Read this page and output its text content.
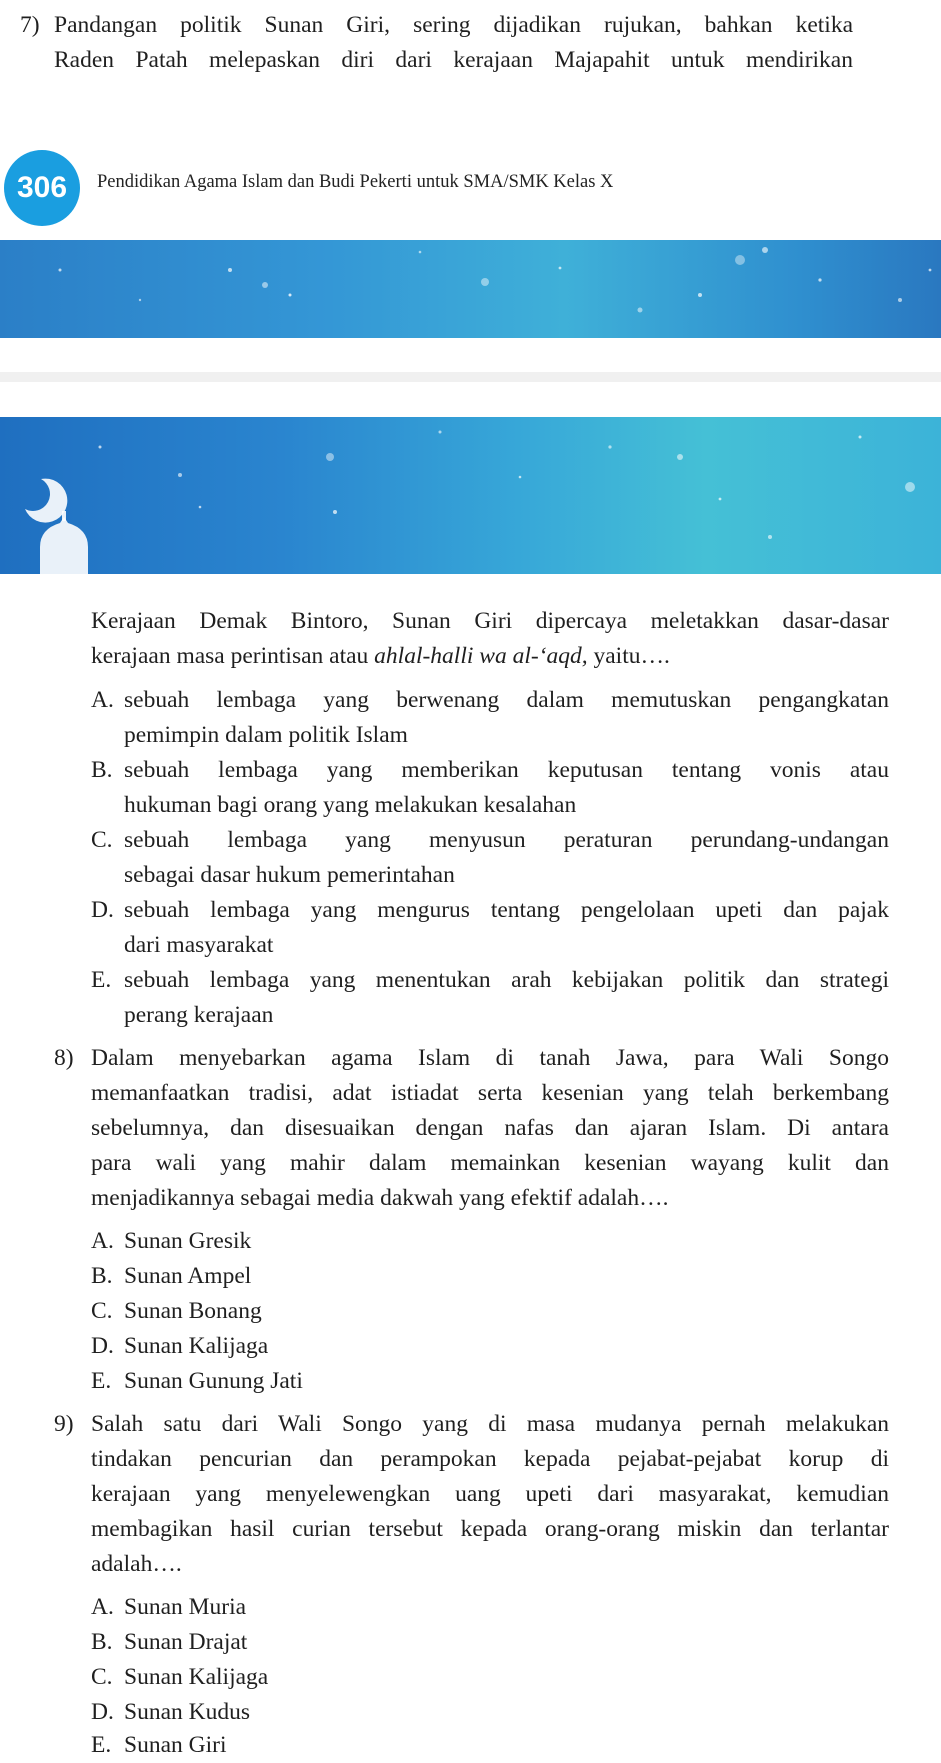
7) Pandangan politik Sunan Giri, sering dijadikan rujukan, bahkan ketika
Raden Patah melepaskan diri dari kerajaan Majapahit untuk mendirikan
306	Pendidikan Agama Islam dan Budi Pekerti untuk SMA/SMK Kelas X
Kerajaan Demak Bintoro, Sunan Giri dipercaya meletakkan dasar-dasar
kerajaan masa perintisan atau ahlal-halli wa al-‘aqd, yaitu….
A. sebuah lembaga yang berwenang dalam memutuskan pengangkatan
pemimpin dalam politik Islam
B. sebuah lembaga yang memberikan keputusan tentang vonis atau
hukuman bagi orang yang melakukan kesalahan
C. sebuah lembaga yang menyusun peraturan perundang-undangan
sebagai dasar hukum pemerintahan
D. sebuah lembaga yang mengurus tentang pengelolaan upeti dan pajak
dari masyarakat
E. sebuah lembaga yang menentukan arah kebijakan politik dan strategi
perang kerajaan
8) Dalam menyebarkan agama Islam di tanah Jawa, para Wali Songo
memanfaatkan tradisi, adat istiadat serta kesenian yang telah berkembang
sebelumnya, dan disesuaikan dengan nafas dan ajaran Islam. Di antara
para wali yang mahir dalam memainkan kesenian wayang kulit dan
menjadikannya sebagai media dakwah yang efektif adalah….
A. Sunan Gresik
B. Sunan Ampel
C. Sunan Bonang
D. Sunan Kalijaga
E. Sunan Gunung Jati
9) Salah satu dari Wali Songo yang di masa mudanya pernah melakukan
tindakan pencurian dan perampokan kepada pejabat-pejabat korup di
kerajaan yang menyelewengkan uang upeti dari masyarakat, kemudian
membagikan hasil curian tersebut kepada orang-orang miskin dan terlantar
adalah….
A. Sunan Muria
B. Sunan Drajat
C. Sunan Kalijaga
D. Sunan Kudus
E. Sunan Giri
